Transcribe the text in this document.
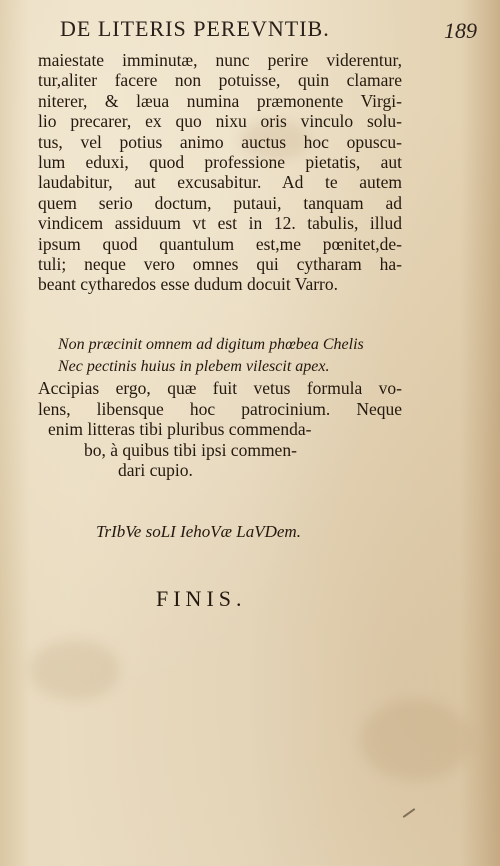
DE LITERIS PEREVNTIB.	189
maiestate imminutæ, nunc perire viderentur,
tur,aliter facere non potuisse, quin clamare
niterer, & læua numina præmonente Virgi-
lio precarer, ex quo nixu oris vinculo solu-
tus, vel potius animo auctus hoc opuscu-
lum eduxi, quod professione pietatis, aut
laudabitur, aut excusabitur. Ad te autem
quem serio doctum, putaui, tanquam ad
vindicem assiduum vt est in 12. tabulis, illud
ipsum quod quantulum est,me pœnitet,de-
tuli; neque vero omnes qui cytharam ha-
beant cytharedos esse dudum docuit Varro.
Non præcinit omnem ad digitum phœbea Chelis
Nec pectinis huius in plebem vilescit apex.
Accipias ergo, quæ fuit vetus formula vo-
lens, libensque hoc patrocinium. Neque
enim litteras tibi pluribus commenda-
bo, à quibus tibi ipsi commen-
dari cupio.
TrIbVe soLI IehoVæ LaVDem.
FINIS.
